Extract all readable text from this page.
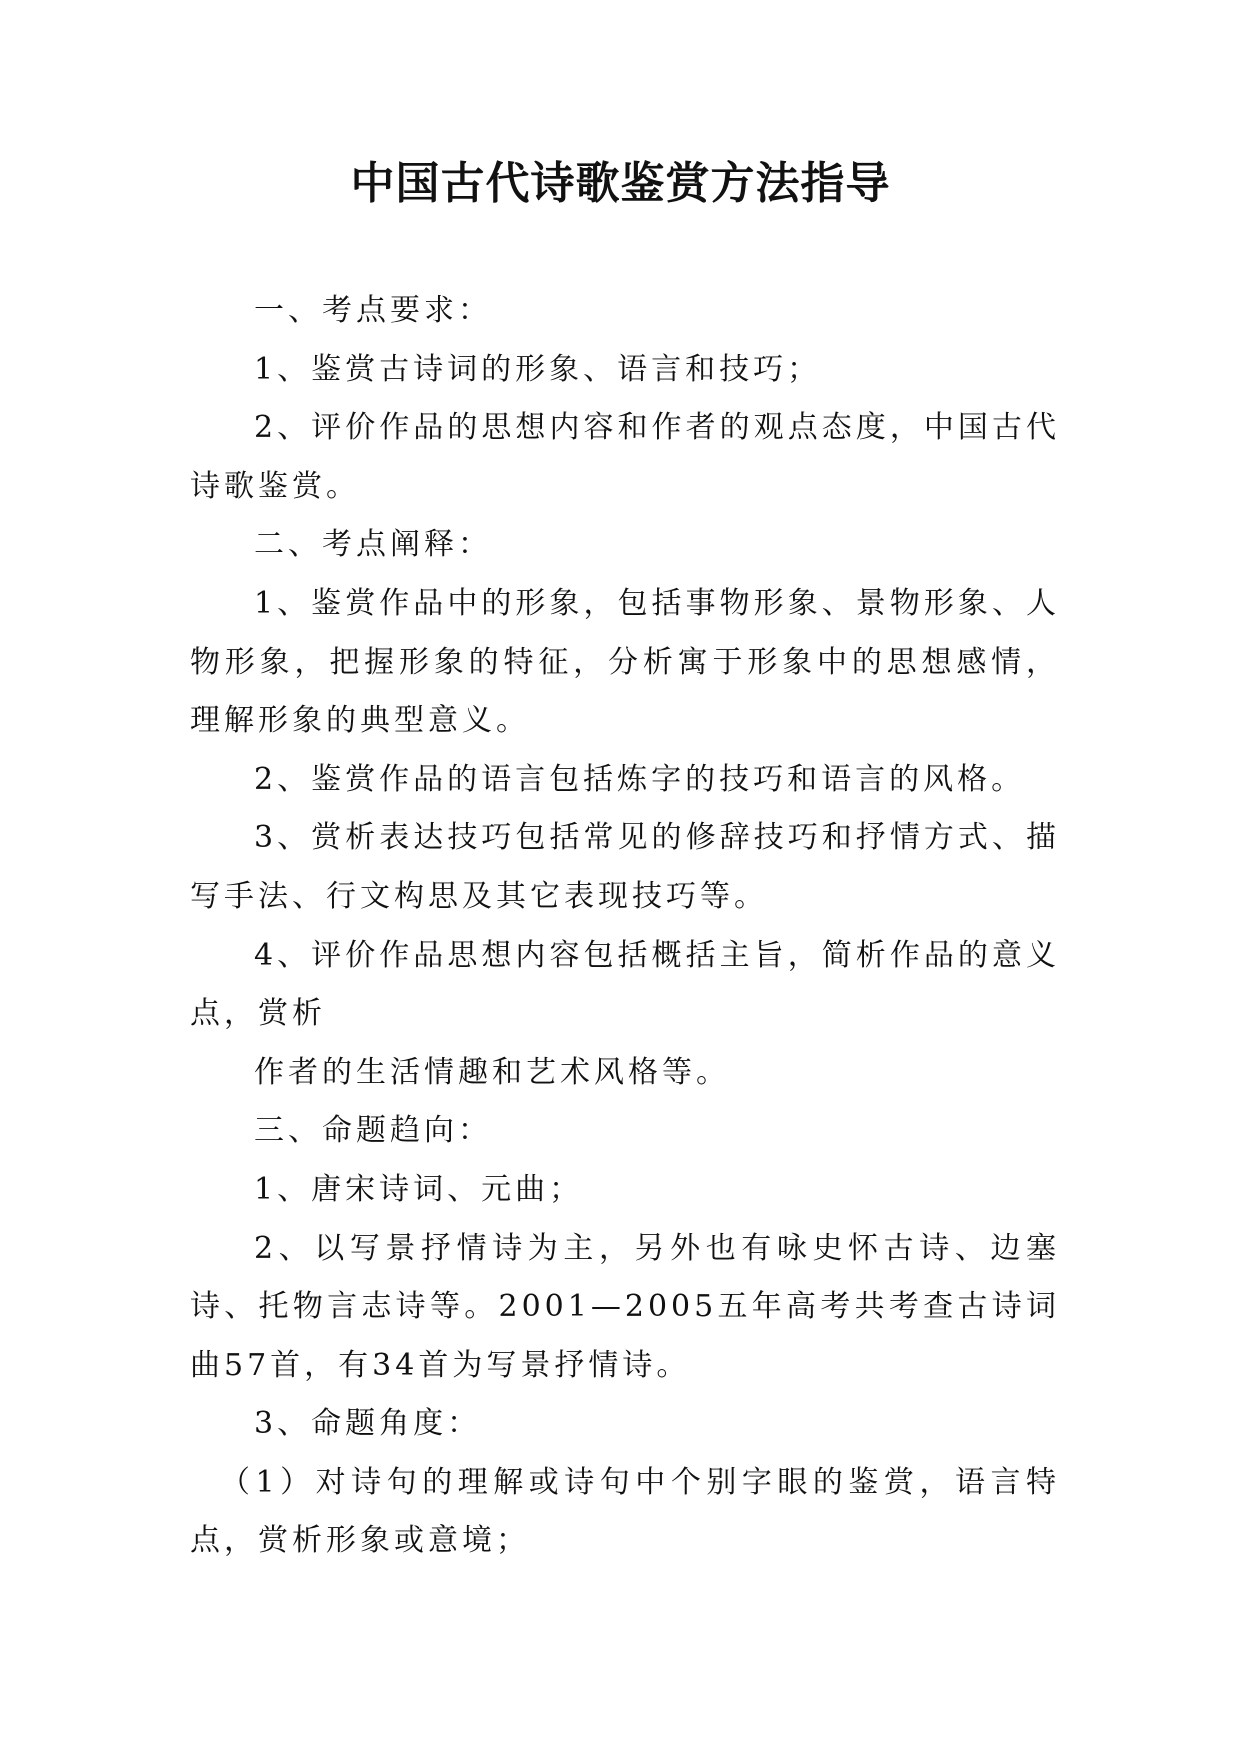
中国古代诗歌鉴赏方法指导

一、考点要求：

1、鉴赏古诗词的形象、语言和技巧；

2、评价作品的思想内容和作者的观点态度，中国古代诗歌鉴赏。

二、考点阐释：

1、鉴赏作品中的形象，包括事物形象、景物形象、人物形象，把握形象的特征，分析寓于形象中的思想感情，理解形象的典型意义。

2、鉴赏作品的语言包括炼字的技巧和语言的风格。

3、赏析表达技巧包括常见的修辞技巧和抒情方式、描写手法、行文构思及其它表现技巧等。

4、评价作品思想内容包括概括主旨，简析作品的意义点，赏析

作者的生活情趣和艺术风格等。

三、命题趋向：

1、唐宋诗词、元曲；

2、以写景抒情诗为主，另外也有咏史怀古诗、边塞诗、托物言志诗等。2001—2005五年高考共考查古诗词曲57首，有34首为写景抒情诗。

3、命题角度：

（1）对诗句的理解或诗句中个别字眼的鉴赏，语言特点，赏析形象或意境；
